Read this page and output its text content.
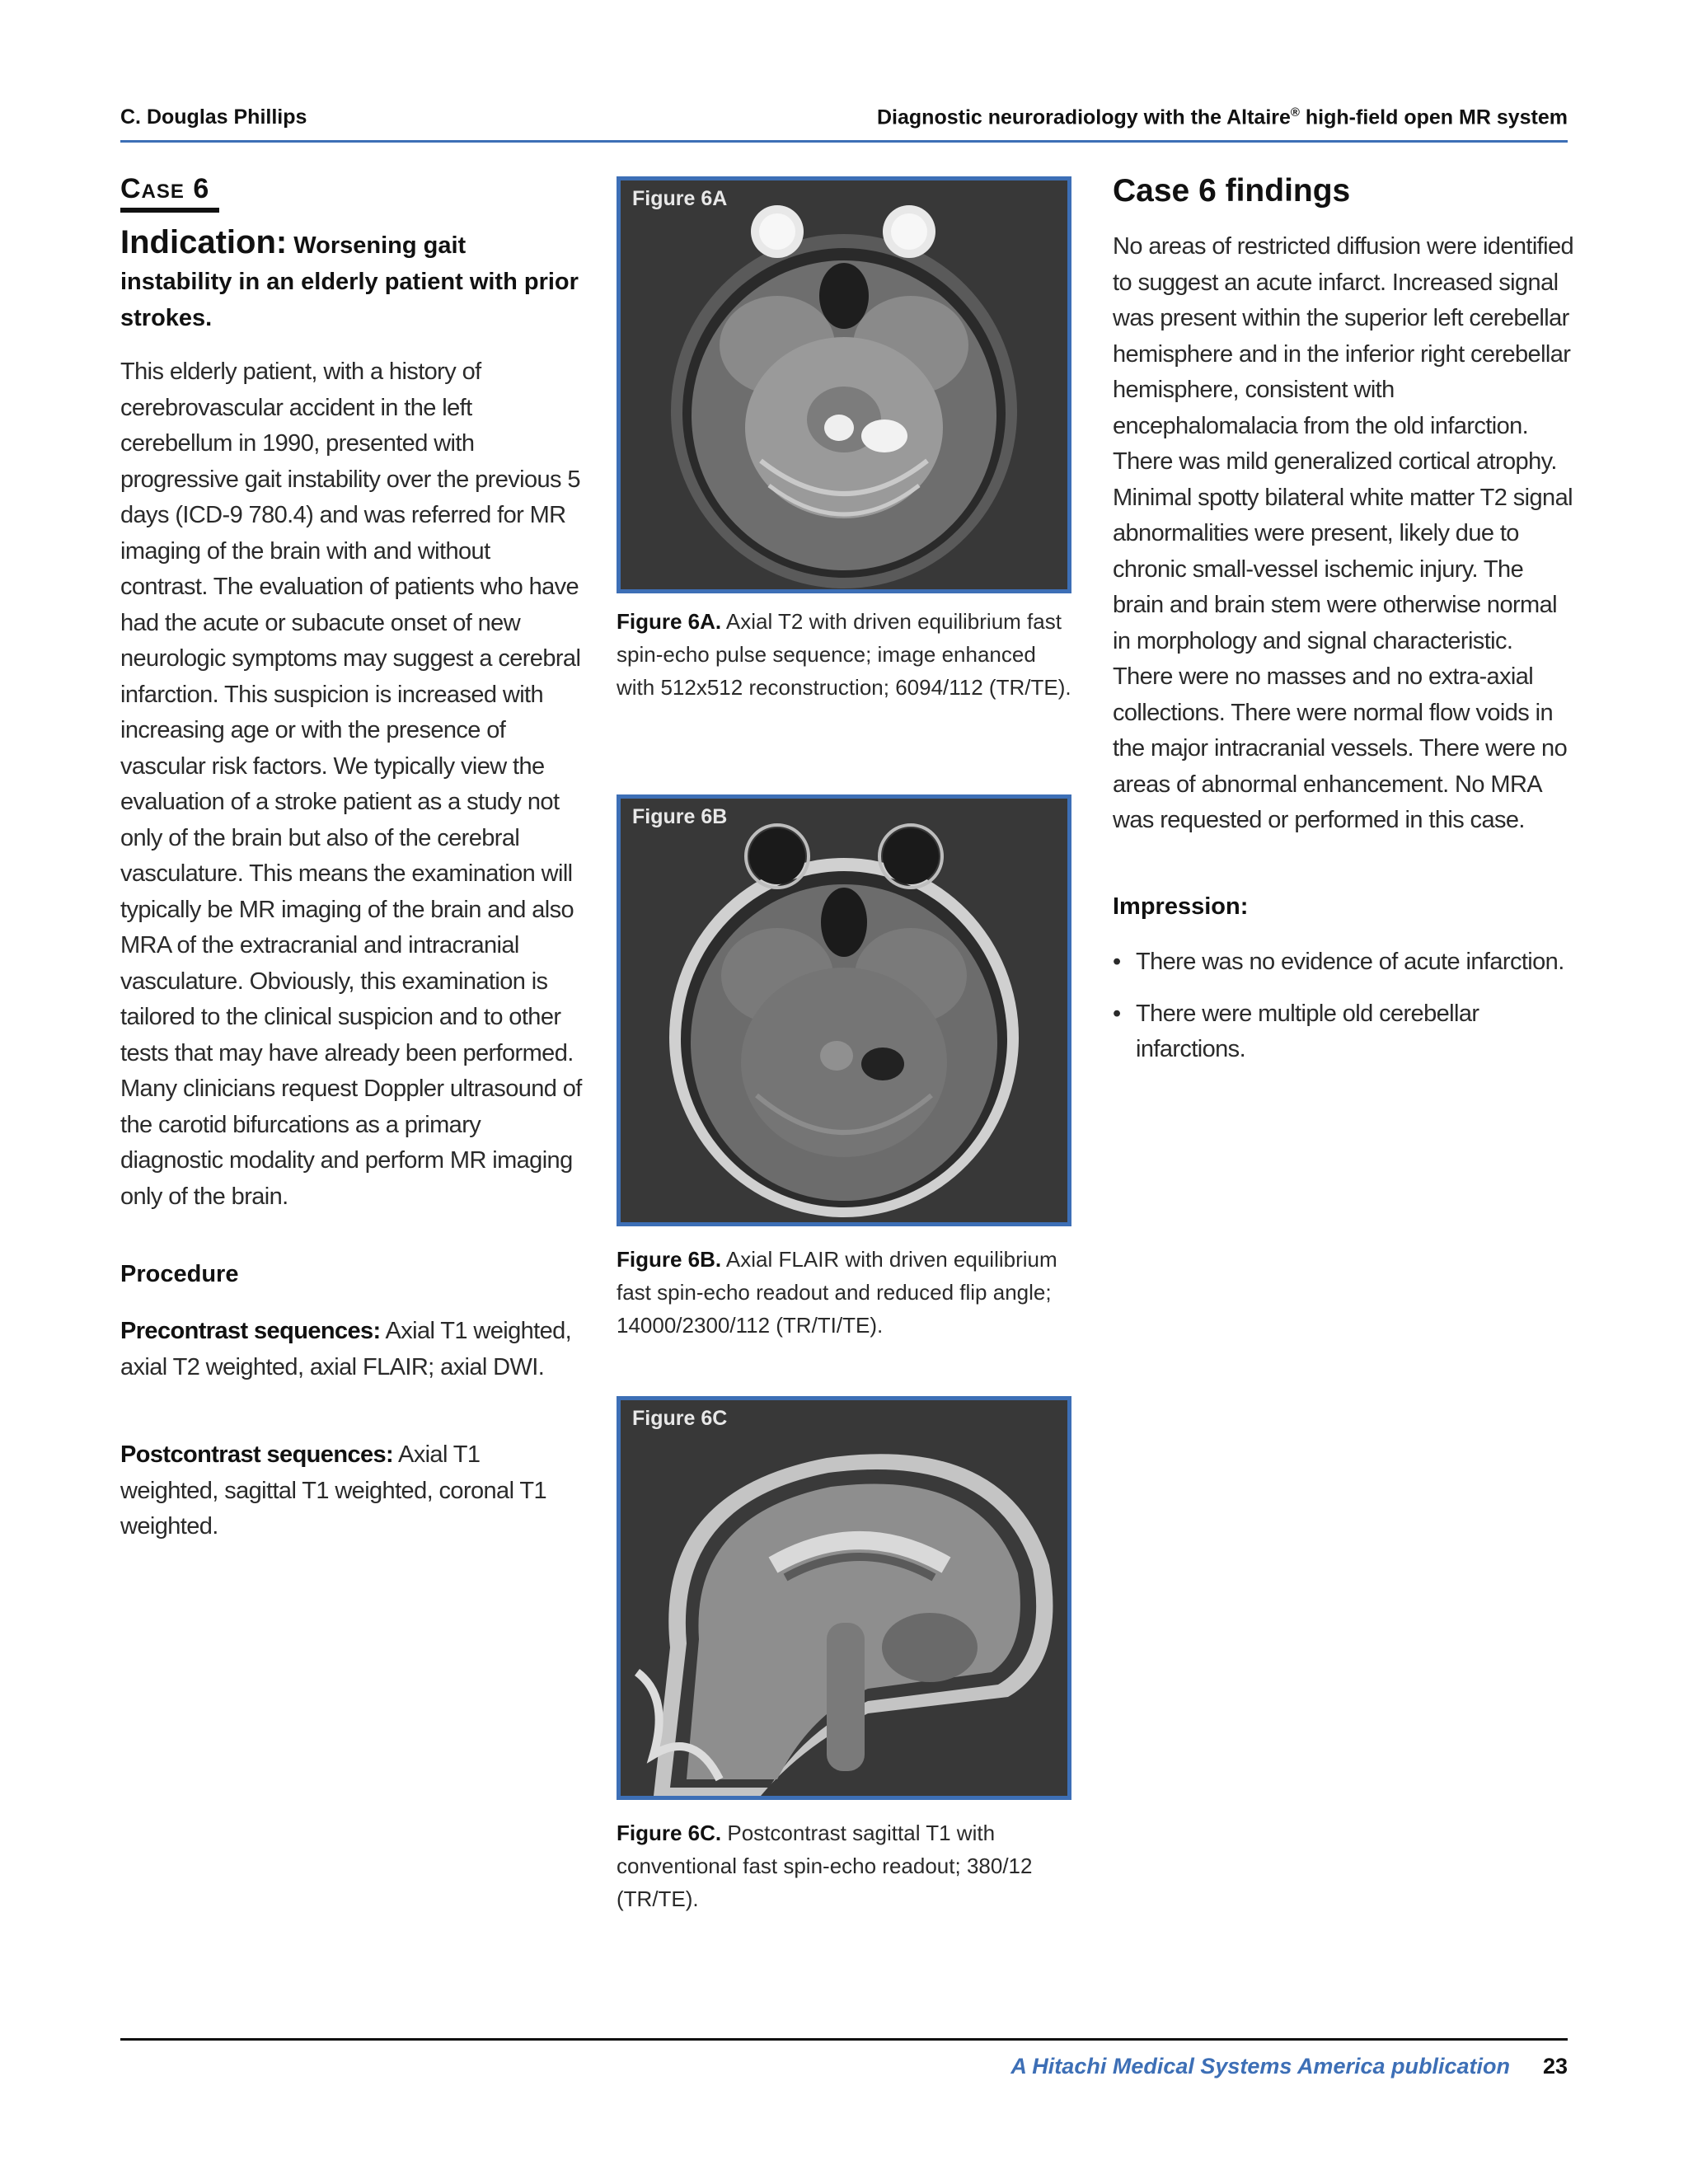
C. Douglas Phillips	Diagnostic neuroradiology with the Altaire® high-field open MR system
Case 6
Indication: Worsening gait instability in an elderly patient with prior strokes.
This elderly patient, with a history of cerebrovascular accident in the left cerebellum in 1990, presented with progressive gait instability over the previous 5 days (ICD-9 780.4) and was referred for MR imaging of the brain with and without contrast. The evaluation of patients who have had the acute or subacute onset of new neurologic symptoms may suggest a cerebral infarction. This suspicion is increased with increasing age or with the presence of vascular risk factors. We typically view the evaluation of a stroke patient as a study not only of the brain but also of the cerebral vasculature. This means the examination will typically be MR imaging of the brain and also MRA of the extracranial and intracranial vasculature. Obviously, this examination is tailored to the clinical suspicion and to other tests that may have already been performed. Many clinicians request Doppler ultrasound of the carotid bifurcations as a primary diagnostic modality and perform MR imaging only of the brain.
Procedure
Precontrast sequences: Axial T1 weighted, axial T2 weighted, axial FLAIR; axial DWI.
Postcontrast sequences: Axial T1 weighted, sagittal T1 weighted, coronal T1 weighted.
Figure 6A
Figure 6A. Axial T2 with driven equilibrium fast spin-echo pulse sequence; image enhanced with 512x512 reconstruction; 6094/112 (TR/TE).
Figure 6B
Figure 6B. Axial FLAIR with driven equilibrium fast spin-echo readout and reduced flip angle; 14000/2300/112 (TR/TI/TE).
Figure 6C
Figure 6C. Postcontrast sagittal T1 with conventional fast spin-echo readout; 380/12 (TR/TE).
Case 6 findings
No areas of restricted diffusion were identified to suggest an acute infarct. Increased signal was present within the superior left cerebellar hemisphere and in the inferior right cerebellar hemisphere, consistent with encephalomalacia from the old infarction. There was mild generalized cortical atrophy. Minimal spotty bilateral white matter T2 signal abnormalities were present, likely due to chronic small-vessel ischemic injury. The brain and brain stem were otherwise normal in morphology and signal characteristic. There were no masses and no extra-axial collections. There were normal flow voids in the major intracranial vessels. There were no areas of abnormal enhancement. No MRA was requested or performed in this case.
Impression:
• There was no evidence of acute infarction.
• There were multiple old cerebellar infarctions.
A Hitachi Medical Systems America publication 23
